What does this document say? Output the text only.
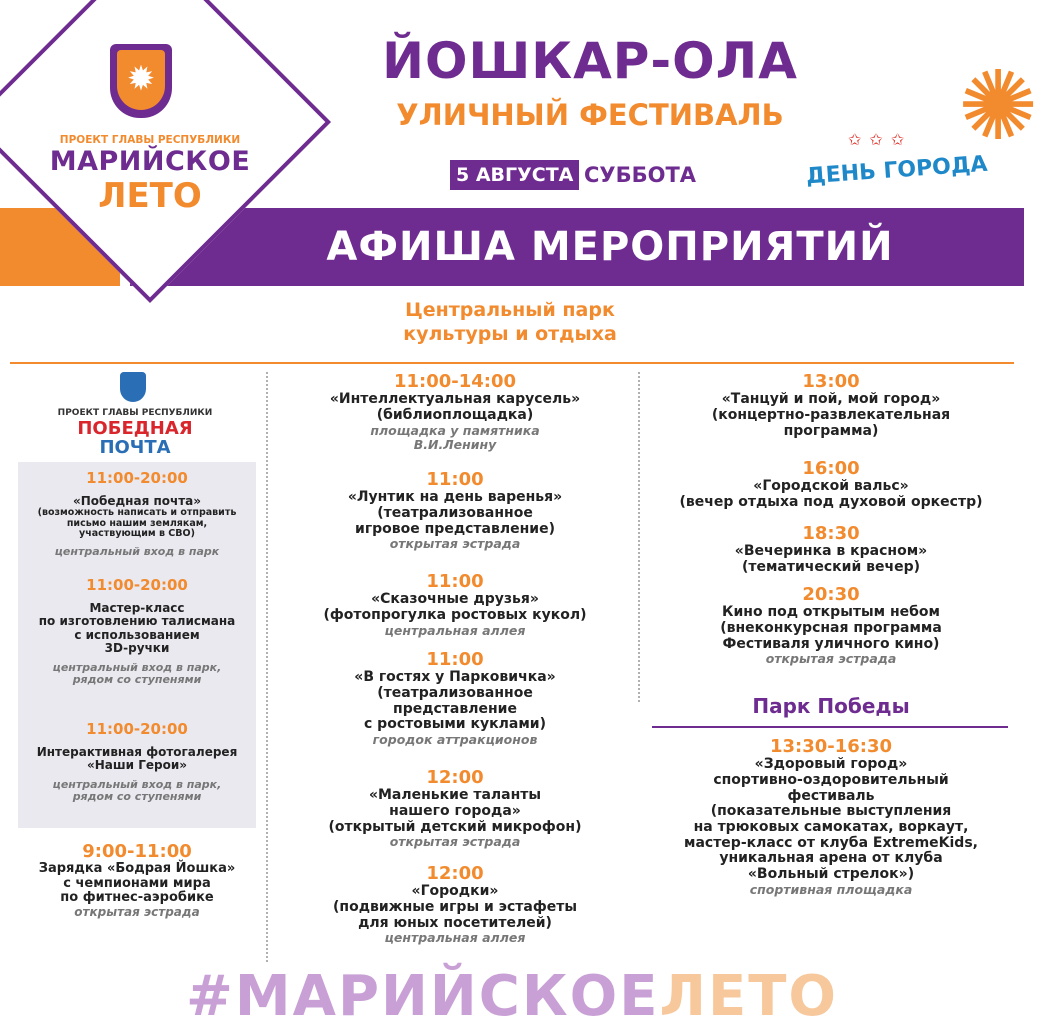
✹
ПРОЕКТ ГЛАВЫ РЕСПУБЛИКИ
МАРИЙСКОЕ
ЛЕТО
ЙОШКАР-ОЛА
УЛИЧНЫЙ ФЕСТИВАЛЬ
5 АВГУСТА СУББОТА
✺
✩✩✩
ДЕНЬ ГОРОДА
АФИША МЕРОПРИЯТИЙ
Центральный парк
культуры и отдыха
ПРОЕКТ ГЛАВЫ РЕСПУБЛИКИ
ПОБЕДНАЯ
ПОЧТА
11:00-20:00
«Победная почта»
(возможность написать и отправить письмо нашим землякам, участвующим в СВО)
центральный вход в парк
11:00-20:00
Мастер-класс
по изготовлению талисмана
с использованием
3D-ручки
центральный вход в парк,
рядом со ступенями
11:00-20:00
Интерактивная фотогалерея
«Наши Герои»
центральный вход в парк,
рядом со ступенями
9:00-11:00
Зарядка «Бодрая Йошка»
с чемпионами мира
по фитнес-аэробике
открытая эстрада
11:00-14:00
«Интеллектуальная карусель»
(библиоплощадка)
площадка у памятника
В.И.Ленину
11:00
«Лунтик на день варенья»
(театрализованное
игровое представление)
открытая эстрада
11:00
«Сказочные друзья»
(фотопрогулка ростовых кукол)
центральная аллея
11:00
«В гостях у Парковичка»
(театрализованное
представление
с ростовыми куклами)
городок аттракционов
12:00
«Маленькие таланты
нашего города»
(открытый детский микрофон)
открытая эстрада
12:00
«Городки»
(подвижные игры и эстафеты
для юных посетителей)
центральная аллея
13:00
«Танцуй и пой, мой город»
(концертно-развлекательная
программа)
16:00
«Городской вальс»
(вечер отдыха под духовой оркестр)
18:30
«Вечеринка в красном»
(тематический вечер)
20:30
Кино под открытым небом
(внеконкурсная программа
Фестиваля уличного кино)
открытая эстрада
Парк Победы
13:30-16:30
«Здоровый город»
спортивно-оздоровительный
фестиваль
(показательные выступления
на трюковых самокатах, воркаут,
мастер-класс от клуба ExtremeKids,
уникальная арена от клуба
«Вольный стрелок»)
спортивная площадка
#МАРИЙСКОЕЛЕТО
